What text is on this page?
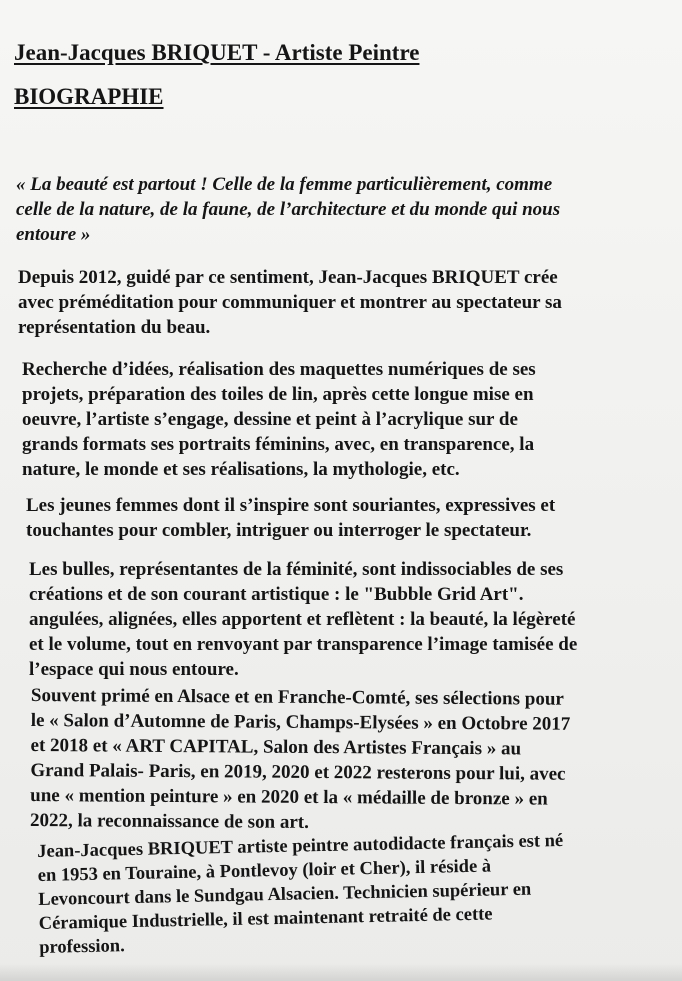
Jean-Jacques BRIQUET - Artiste Peintre
BIOGRAPHIE

« La beauté est partout ! Celle de la femme particulièrement, comme
celle de la nature, de la faune, de l’architecture et du monde qui nous
entoure »

Depuis 2012, guidé par ce sentiment, Jean-Jacques BRIQUET crée
avec préméditation pour communiquer et montrer au spectateur sa
représentation du beau.

Recherche d’idées, réalisation des maquettes numériques de ses
projets, préparation des toiles de lin, après cette longue mise en
oeuvre, l’artiste s’engage, dessine et peint à l’acrylique sur de
grands formats ses portraits féminins, avec, en transparence, la
nature, le monde et ses réalisations, la mythologie, etc.

Les jeunes femmes dont il s’inspire sont souriantes, expressives et
touchantes pour combler, intriguer ou interroger le spectateur.

Les bulles, représentantes de la féminité, sont indissociables de ses
créations et de son courant artistique : le "Bubble Grid Art".
angulées, alignées, elles apportent et reflètent : la beauté, la légèreté
et le volume, tout en renvoyant par transparence l’image tamisée de
l’espace qui nous entoure.

Souvent primé en Alsace et en Franche-Comté, ses sélections pour
le « Salon d’Automne de Paris, Champs-Elysées » en Octobre 2017
et 2018 et « ART CAPITAL, Salon des Artistes Français » au
Grand Palais- Paris, en 2019, 2020 et 2022 resterons pour lui, avec
une « mention peinture » en 2020 et la « médaille de bronze » en
2022, la reconnaissance de son art.

Jean-Jacques BRIQUET artiste peintre autodidacte français est né
en 1953 en Touraine, à Pontlevoy (loir et Cher), il réside à
Levoncourt dans le Sundgau Alsacien. Technicien supérieur en
Céramique Industrielle, il est maintenant retraité de cette
profession.
